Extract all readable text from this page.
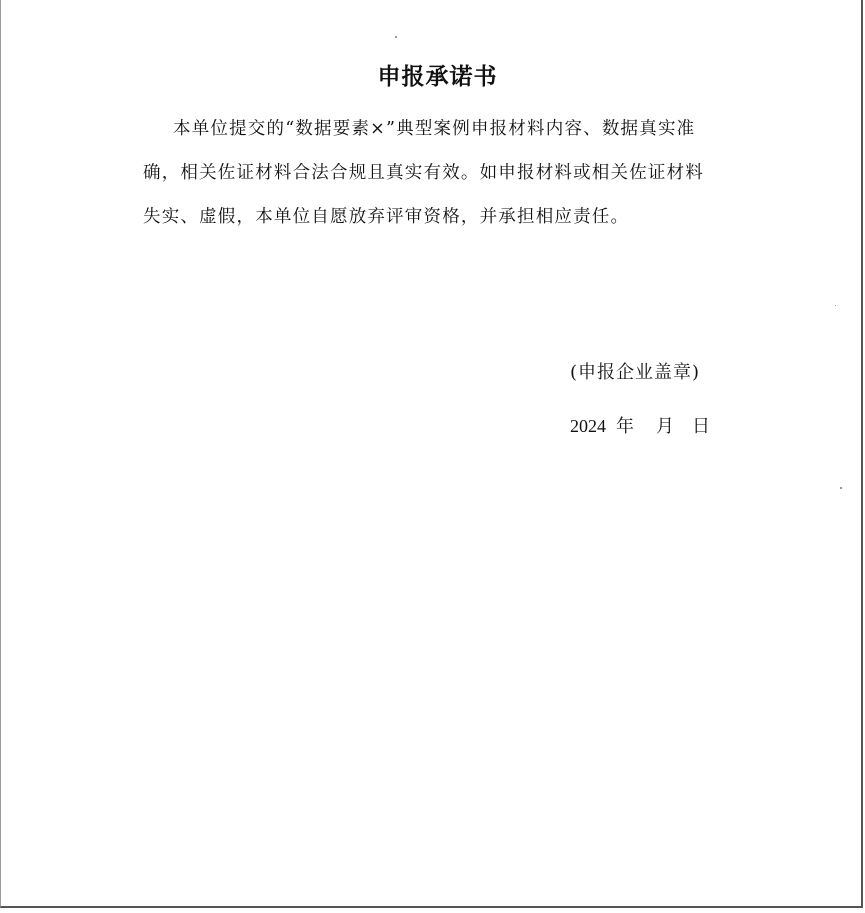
申报承诺书
本单位提交的“数据要素×”典型案例申报材料内容、数据真实准
确，相关佐证材料合法合规且真实有效。如申报材料或相关佐证材料
失实、虚假，本单位自愿放弃评审资格，并承担相应责任。
(申报企业盖章)
2024 年 月 日
